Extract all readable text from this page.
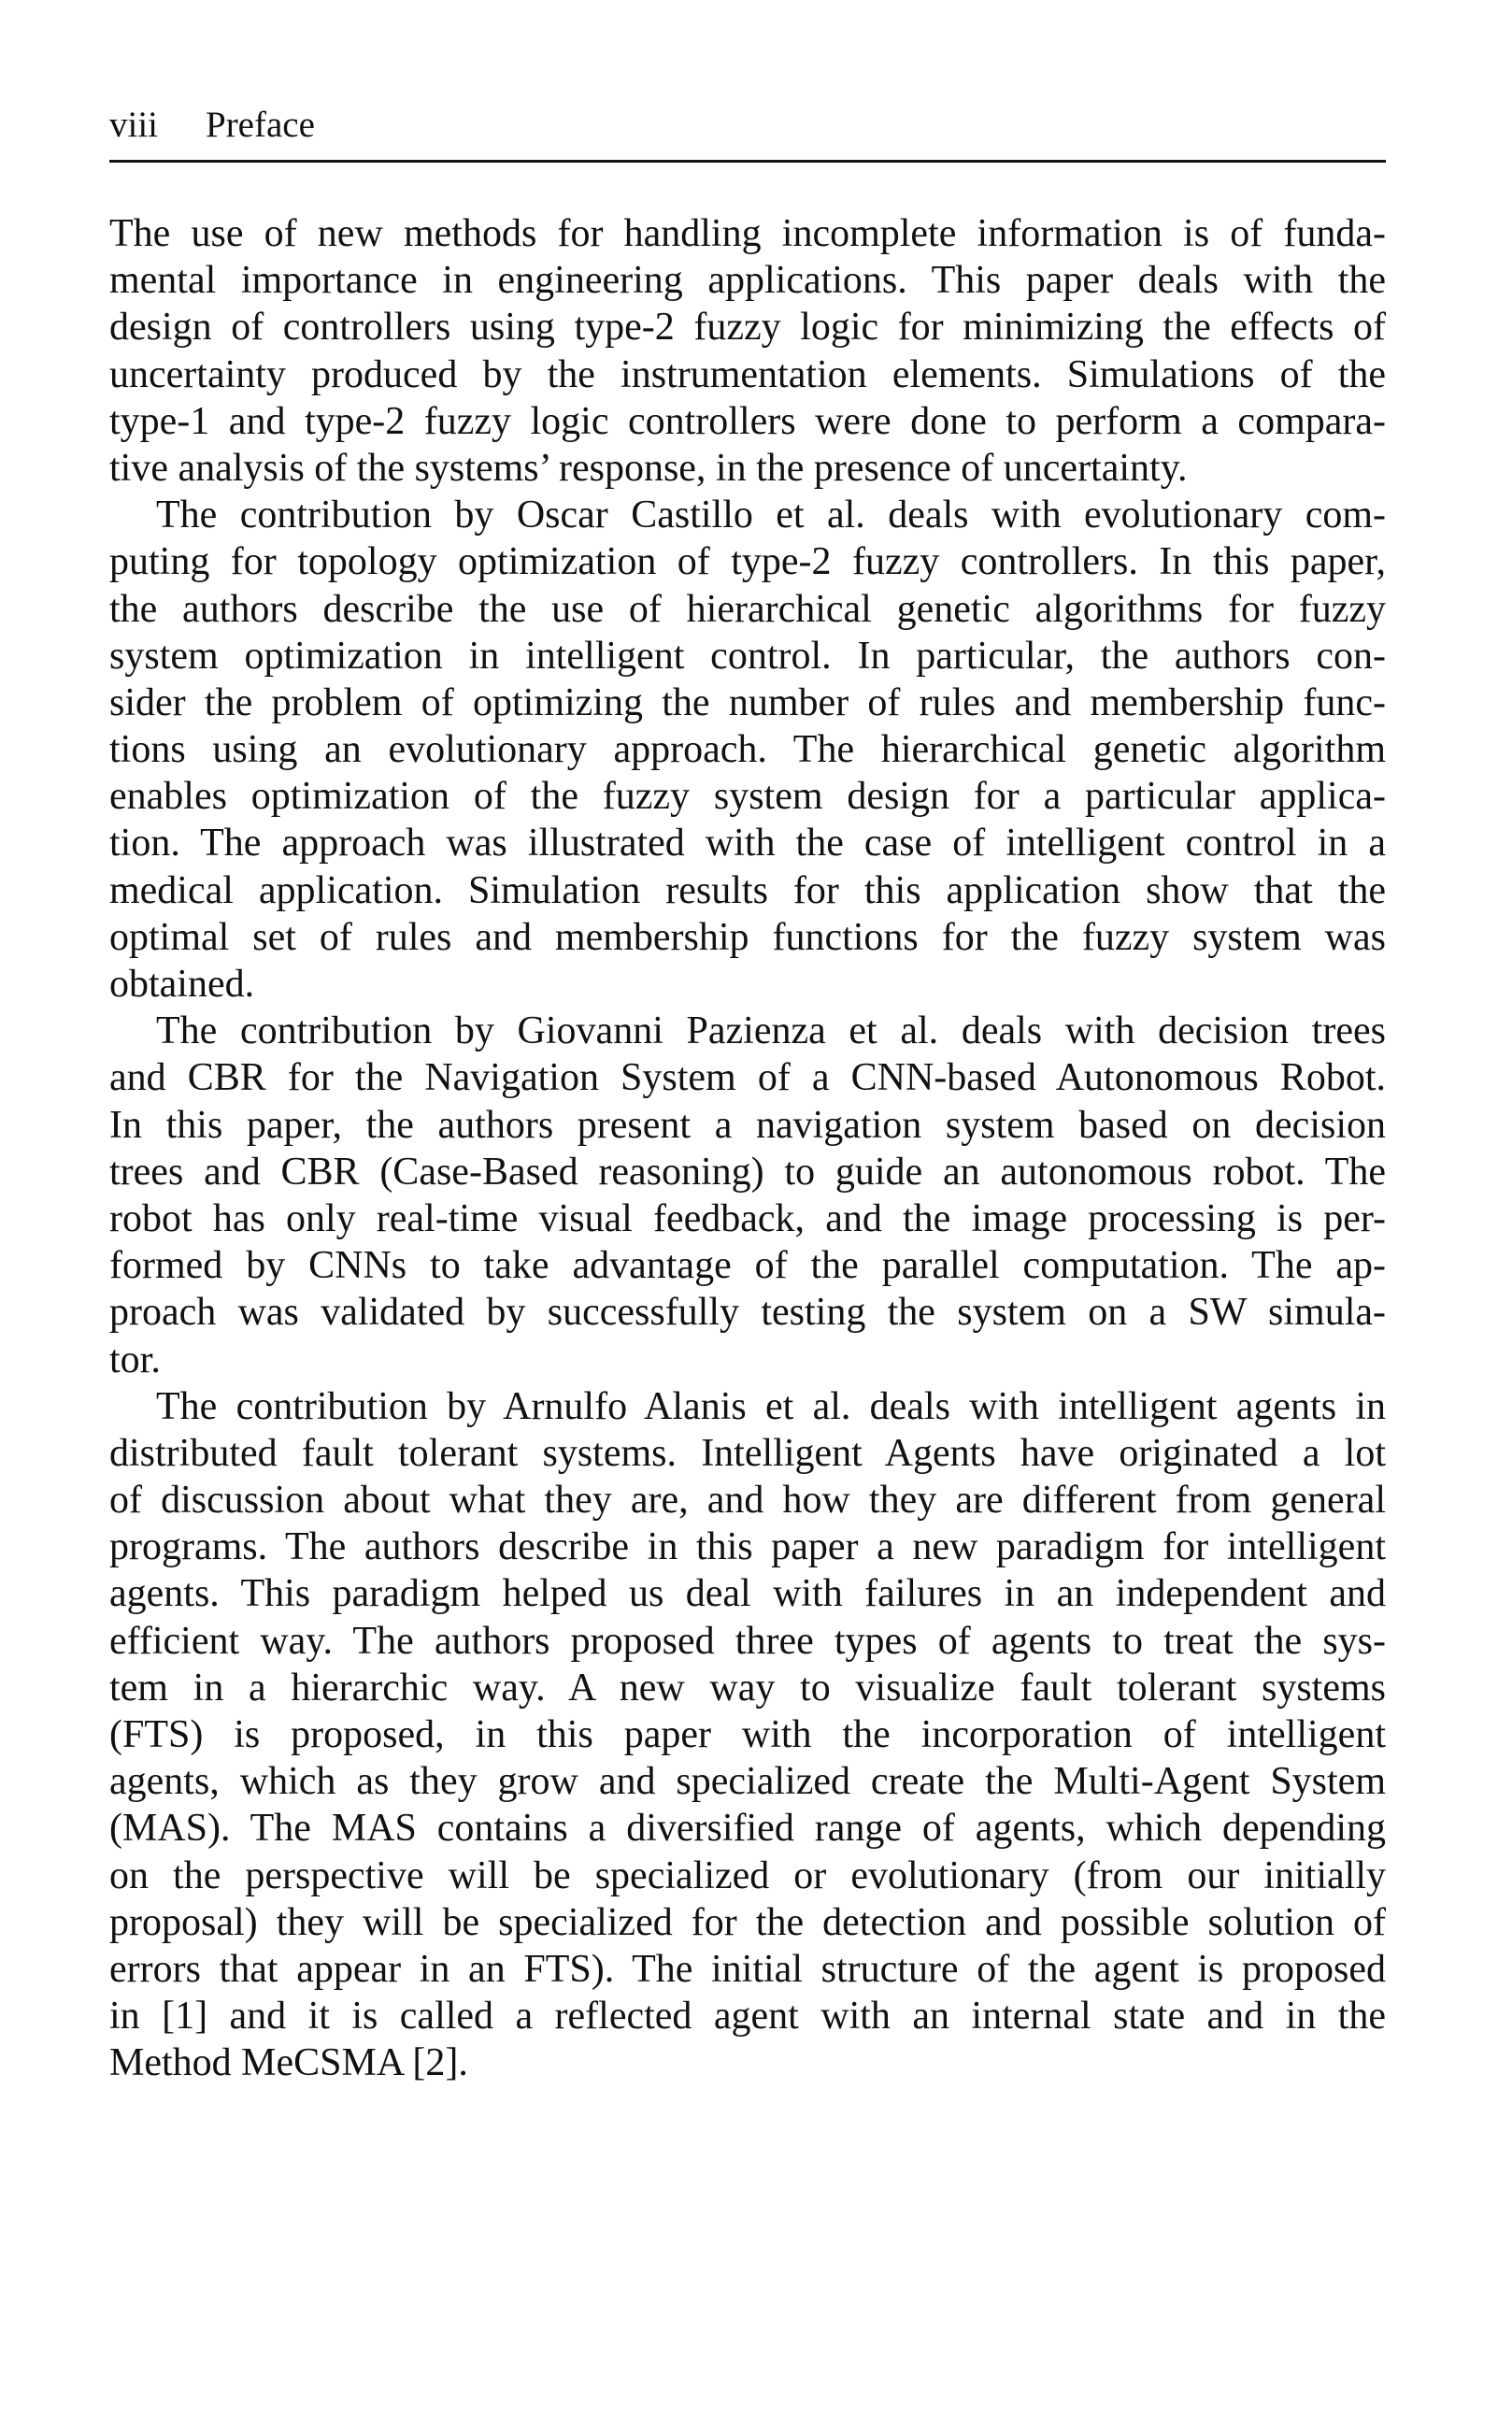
viii Preface
The use of new methods for handling incomplete information is of funda-
mental importance in engineering applications. This paper deals with the
design of controllers using type-2 fuzzy logic for minimizing the effects of
uncertainty produced by the instrumentation elements. Simulations of the
type-1 and type-2 fuzzy logic controllers were done to perform a compara-
tive analysis of the systems’ response, in the presence of uncertainty.
The contribution by Oscar Castillo et al. deals with evolutionary com-
puting for topology optimization of type-2 fuzzy controllers. In this paper,
the authors describe the use of hierarchical genetic algorithms for fuzzy
system optimization in intelligent control. In particular, the authors con-
sider the problem of optimizing the number of rules and membership func-
tions using an evolutionary approach. The hierarchical genetic algorithm
enables optimization of the fuzzy system design for a particular applica-
tion. The approach was illustrated with the case of intelligent control in a
medical application. Simulation results for this application show that the
optimal set of rules and membership functions for the fuzzy system was
obtained.
The contribution by Giovanni Pazienza et al. deals with decision trees
and CBR for the Navigation System of a CNN-based Autonomous Robot.
In this paper, the authors present a navigation system based on decision
trees and CBR (Case-Based reasoning) to guide an autonomous robot. The
robot has only real-time visual feedback, and the image processing is per-
formed by CNNs to take advantage of the parallel computation. The ap-
proach was validated by successfully testing the system on a SW simula-
tor.
The contribution by Arnulfo Alanis et al. deals with intelligent agents in
distributed fault tolerant systems. Intelligent Agents have originated a lot
of discussion about what they are, and how they are different from general
programs. The authors describe in this paper a new paradigm for intelligent
agents. This paradigm helped us deal with failures in an independent and
efficient way. The authors proposed three types of agents to treat the sys-
tem in a hierarchic way. A new way to visualize fault tolerant systems
(FTS) is proposed, in this paper with the incorporation of intelligent
agents, which as they grow and specialized create the Multi-Agent System
(MAS). The MAS contains a diversified range of agents, which depending
on the perspective will be specialized or evolutionary (from our initially
proposal) they will be specialized for the detection and possible solution of
errors that appear in an FTS). The initial structure of the agent is proposed
in [1] and it is called a reflected agent with an internal state and in the
Method MeCSMA [2].
